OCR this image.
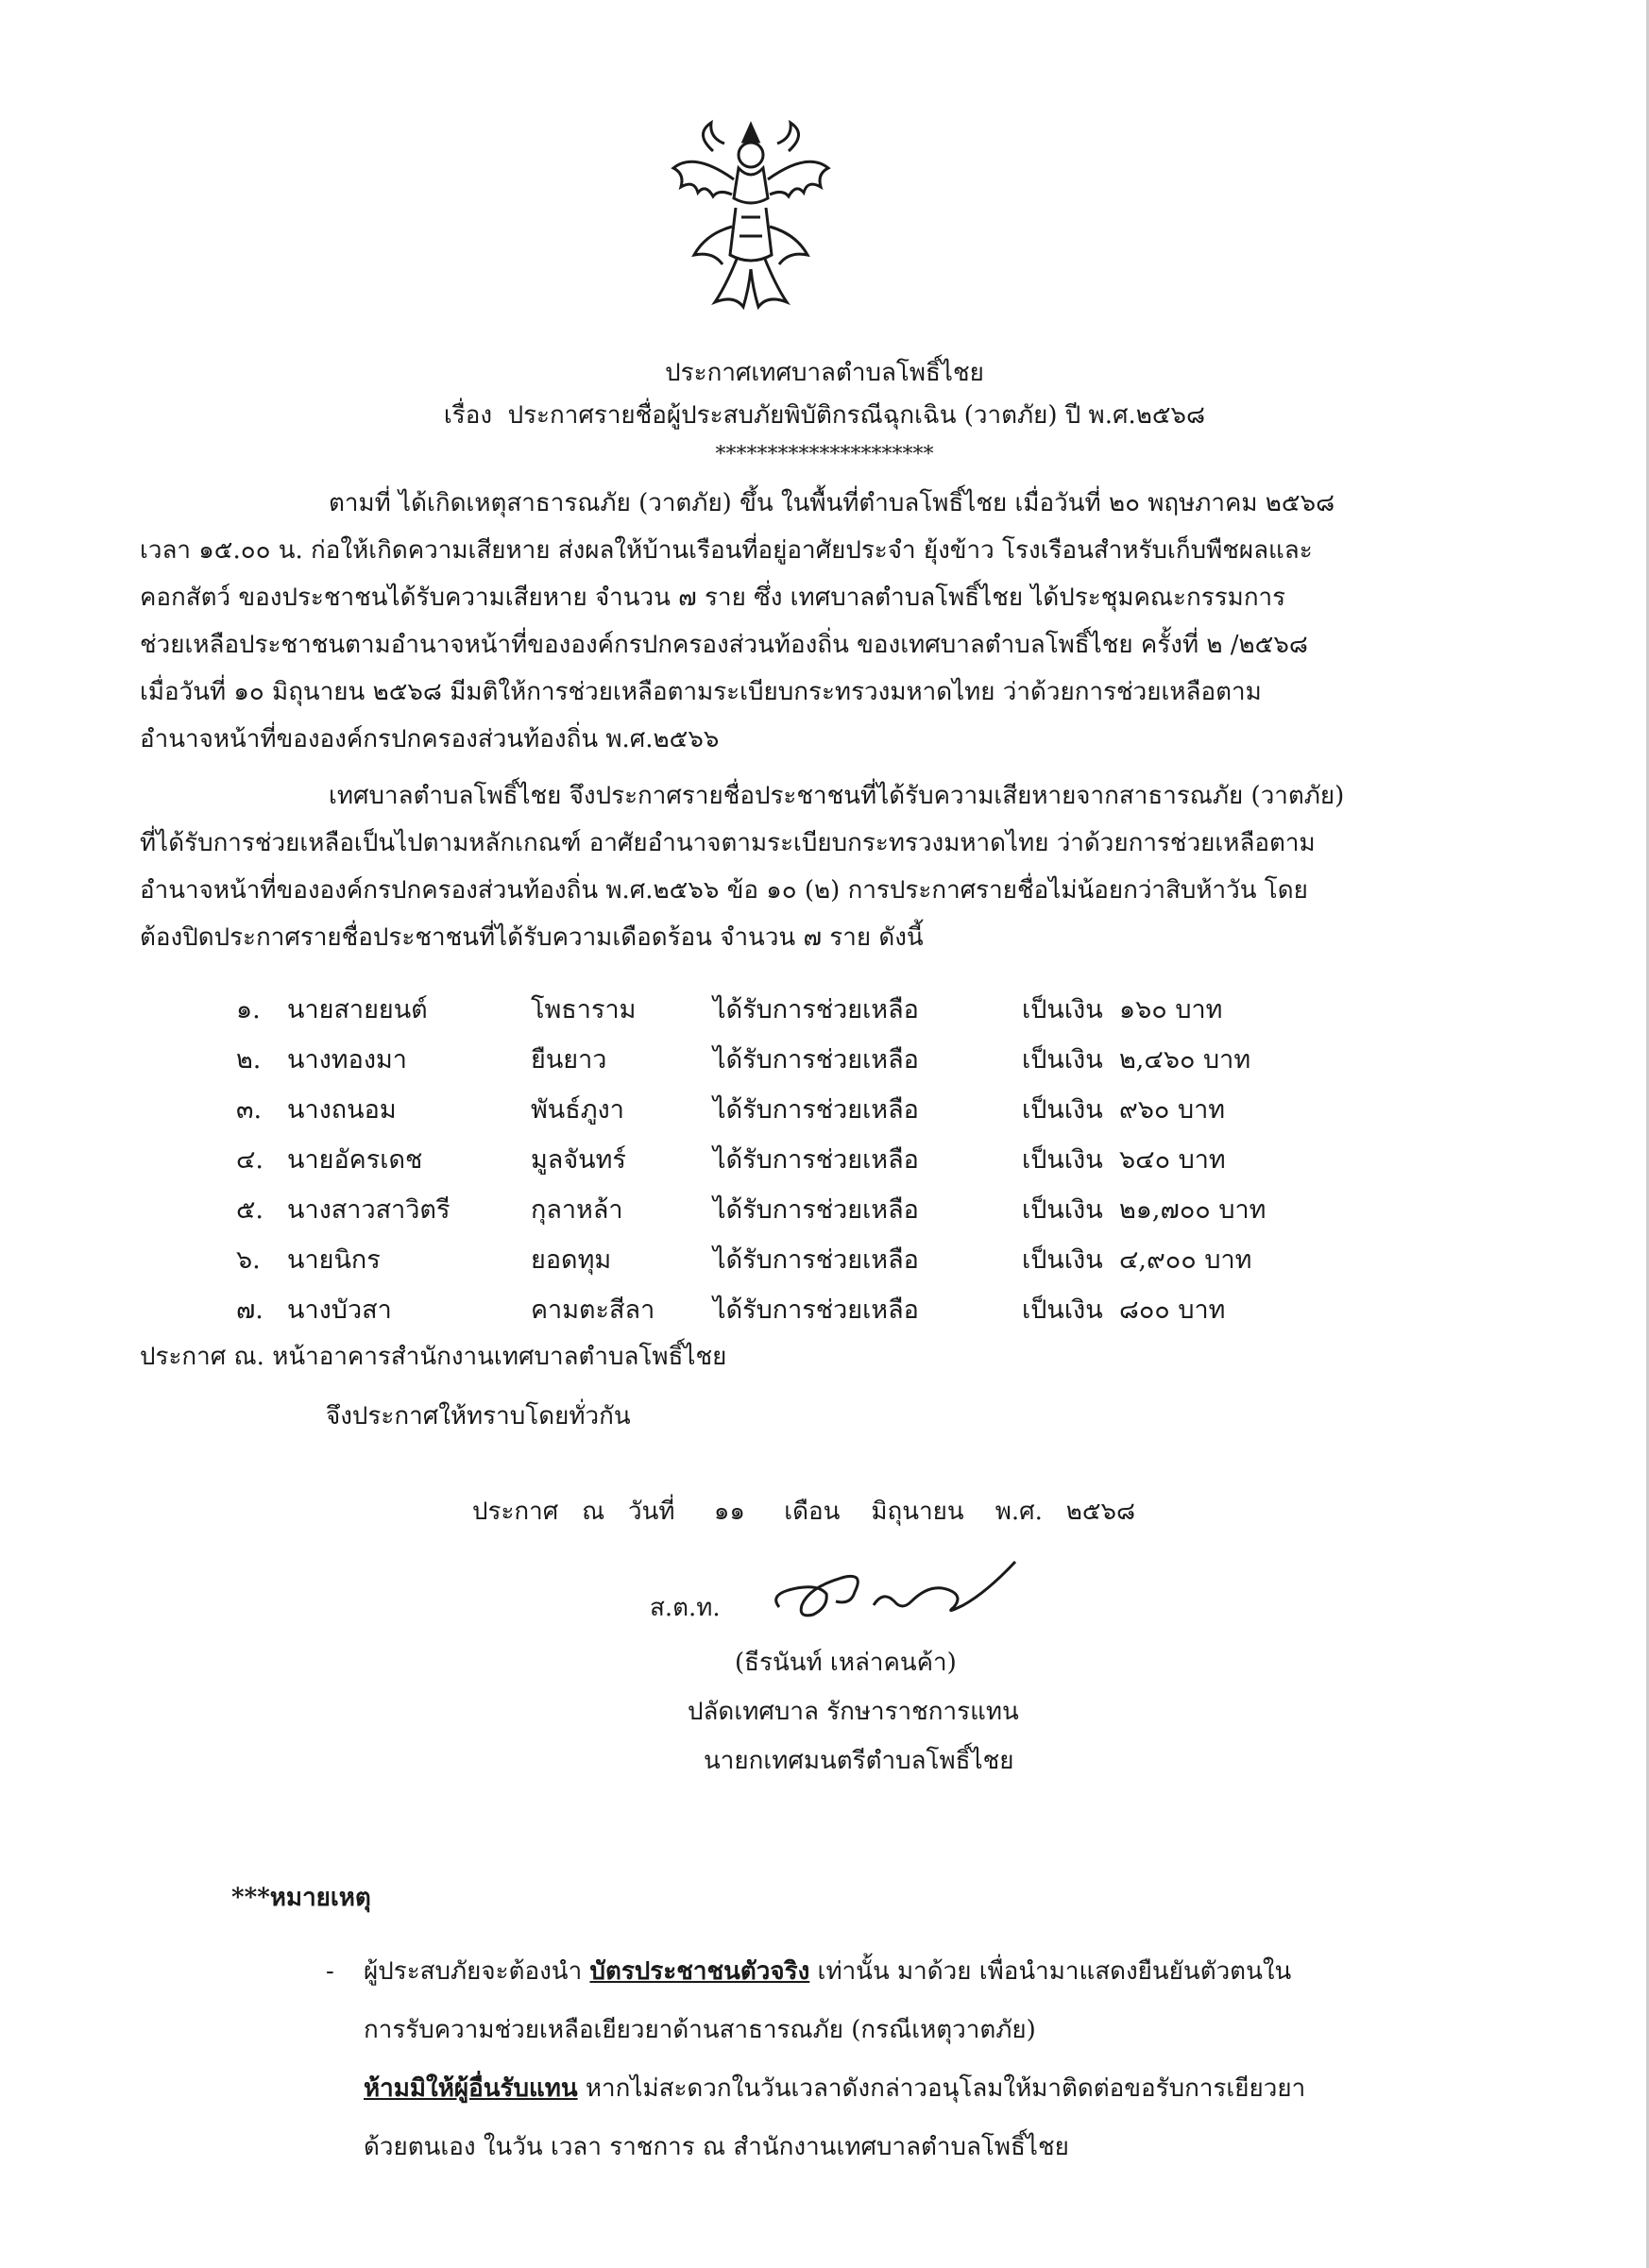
ประกาศเทศบาลตำบลโพธิ์ไชย
เรื่อง ประกาศรายชื่อผู้ประสบภัยพิบัติกรณีฉุกเฉิน (วาตภัย) ปี พ.ศ.๒๕๖๘
*********************
ตามที่ ได้เกิดเหตุสาธารณภัย (วาตภัย) ขึ้น ในพื้นที่ตำบลโพธิ์ไชย เมื่อวันที่ ๒๐ พฤษภาคม ๒๕๖๘
เวลา ๑๕.๐๐ น. ก่อให้เกิดความเสียหาย ส่งผลให้บ้านเรือนที่อยู่อาศัยประจำ ยุ้งข้าว โรงเรือนสำหรับเก็บพืชผลและ
คอกสัตว์ ของประชาชนได้รับความเสียหาย จำนวน ๗ ราย ซึ่ง เทศบาลตำบลโพธิ์ไชย ได้ประชุมคณะกรรมการ
ช่วยเหลือประชาชนตามอำนาจหน้าที่ขององค์กรปกครองส่วนท้องถิ่น ของเทศบาลตำบลโพธิ์ไชย ครั้งที่ ๒ /๒๕๖๘
เมื่อวันที่ ๑๐ มิถุนายน ๒๕๖๘ มีมติให้การช่วยเหลือตามระเบียบกระทรวงมหาดไทย ว่าด้วยการช่วยเหลือตาม
อำนาจหน้าที่ขององค์กรปกครองส่วนท้องถิ่น พ.ศ.๒๕๖๖
เทศบาลตำบลโพธิ์ไชย จึงประกาศรายชื่อประชาชนที่ได้รับความเสียหายจากสาธารณภัย (วาตภัย)
ที่ได้รับการช่วยเหลือเป็นไปตามหลักเกณฑ์ อาศัยอำนาจตามระเบียบกระทรวงมหาดไทย ว่าด้วยการช่วยเหลือตาม
อำนาจหน้าที่ขององค์กรปกครองส่วนท้องถิ่น พ.ศ.๒๕๖๖ ข้อ ๑๐ (๒) การประกาศรายชื่อไม่น้อยกว่าสิบห้าวัน โดย
ต้องปิดประกาศรายชื่อประชาชนที่ได้รับความเดือดร้อน จำนวน ๗ ราย ดังนี้
๑. นายสายยนต์	โพธาราม	ได้รับการช่วยเหลือ	เป็นเงิน ๑๖๐ บาท
๒. นางทองมา	ยืนยาว	ได้รับการช่วยเหลือ	เป็นเงิน ๒,๔๖๐ บาท
๓. นางถนอม	พันธ์ภูงา	ได้รับการช่วยเหลือ	เป็นเงิน ๙๖๐ บาท
๔. นายอัครเดช	มูลจันทร์	ได้รับการช่วยเหลือ	เป็นเงิน ๖๔๐ บาท
๕. นางสาวสาวิตรี	กุลาหล้า	ได้รับการช่วยเหลือ	เป็นเงิน ๒๑,๗๐๐ บาท
๖. นายนิกร	ยอดทุม	ได้รับการช่วยเหลือ	เป็นเงิน ๔,๙๐๐ บาท
๗. นางบัวสา	คามตะสีลา ได้รับการช่วยเหลือ	เป็นเงิน ๘๐๐ บาท
ประกาศ ณ. หน้าอาคารสำนักงานเทศบาลตำบลโพธิ์ไชย
จึงประกาศให้ทราบโดยทั่วกัน
ประกาศ ณ วันที่ ๑๑ เดือน มิถุนายน พ.ศ. ๒๕๖๘
ส.ต.ท.
(ธีรนันท์ เหล่าคนค้า)
ปลัดเทศบาล รักษาราชการแทน
นายกเทศมนตรีตำบลโพธิ์ไชย
***หมายเหตุ
- ผู้ประสบภัยจะต้องนำ บัตรประชาชนตัวจริง เท่านั้น มาด้วย เพื่อนำมาแสดงยืนยันตัวตนใน
การรับความช่วยเหลือเยียวยาด้านสาธารณภัย (กรณีเหตุวาตภัย)
ห้ามมิให้ผู้อื่นรับแทน หากไม่สะดวกในวันเวลาดังกล่าวอนุโลมให้มาติดต่อขอรับการเยียวยา
ด้วยตนเอง ในวัน เวลา ราชการ ณ สำนักงานเทศบาลตำบลโพธิ์ไชย
